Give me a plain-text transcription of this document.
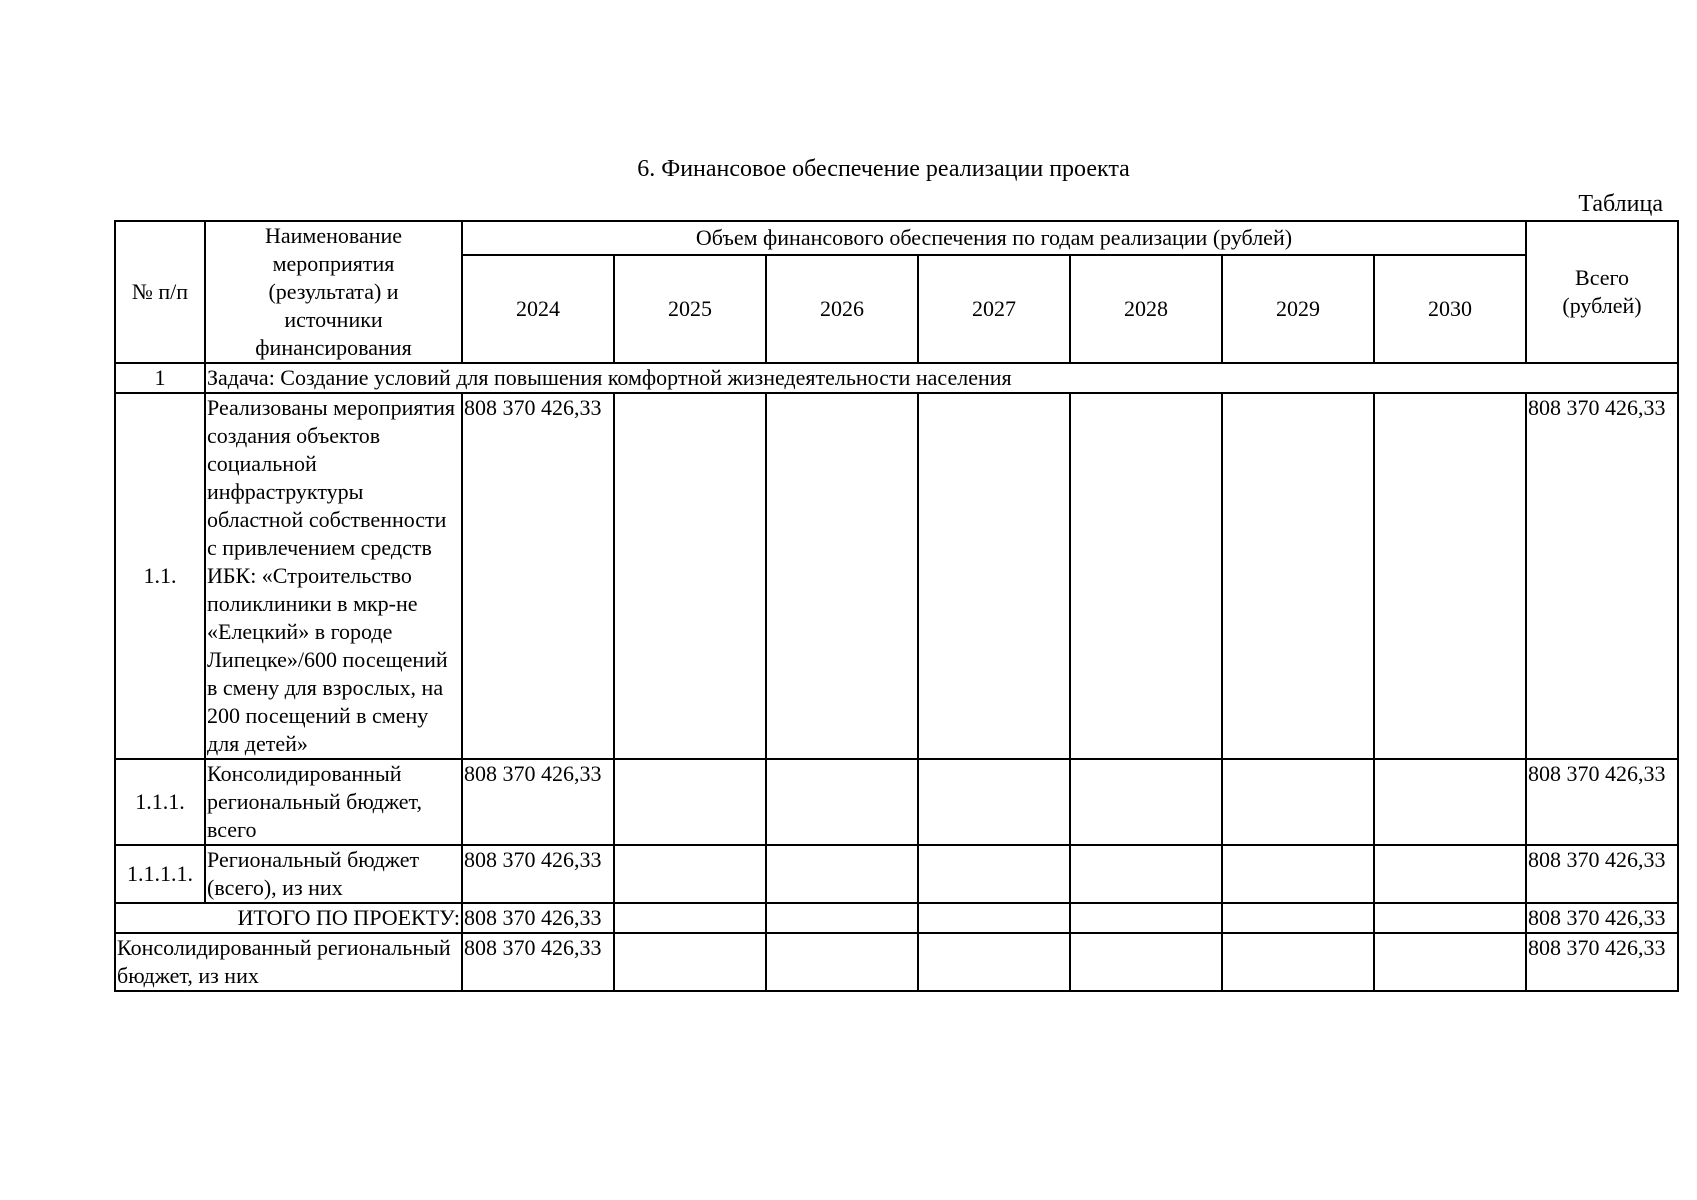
6. Финансовое обеспечение реализации проекта
Таблица
№ п/п	Наименование мероприятия (результата) и источники финансирования	Объем финансового обеспечения по годам реализации (рублей)							Всего (рублей)
		2024	2025	2026	2027	2028	2029	2030	
1	Задача: Создание условий для повышения комфортной жизнедеятельности населения								
1.1.	Реализованы мероприятия создания объектов социальной инфраструктуры областной собственности с привлечением средств ИБК: «Строительство поликлиники в мкр-не «Елецкий» в городе Липецке»/600 посещений в смену для взрослых, на 200 посещений в смену для детей»	808 370 426,33							808 370 426,33
1.1.1.	Консолидированный региональный бюджет, всего	808 370 426,33							808 370 426,33
1.1.1.1.	Региональный бюджет (всего), из них	808 370 426,33							808 370 426,33
ИТОГО ПО ПРОЕКТУ:		808 370 426,33							808 370 426,33
Консолидированный региональный бюджет, из них		808 370 426,33							808 370 426,33
